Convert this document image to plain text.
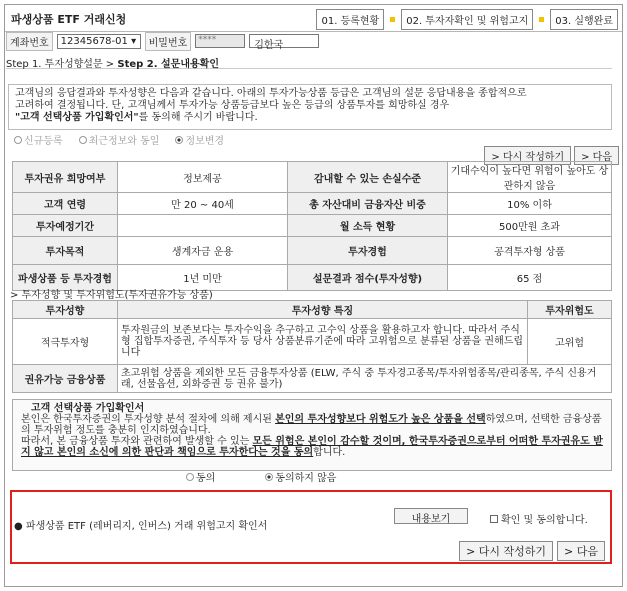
파생상품 ETF 거래신청	01. 등록현황	02. 투자자확인 및 위험고지	03. 실행완료
계좌번호	12345678-01 ▾	비밀번호	****	김한국
Step 1. 투자성향설문 > Step 2. 설문내용확인
고객님의 응답결과와 투자성향은 다음과 같습니다. 아래의 투자가능상품 등급은 고객님의 설문 응답내용을 종합적으로
고려하여 결정됩니다. 단, 고객님께서 투자가능 상품등급보다 높은 등급의 상품투자를 희망하실 경우
"고객 선택상품 가입확인서"를 동의해 주시기 바랍니다.
신규등록	최근정보와 동일	정보변경
> 다시 작성하기	> 다음
투자권유 희망여부	정보제공	감내할 수 있는 손실수준	기대수익이 높다면 위험이 높아도 상관하지 않음
고객 연령	만 20 ~ 40세	총 자산대비 금융자산 비중	10% 이하
투자예정기간		월 소득 현황	500만원 초과
투자목적	생계자금 운용	투자경험	공격투자형 상품
파생상품 등 투자경험	1년 미만	설문결과 점수(투자성향)	65 점
> 투자성향 및 투자위험도(투자권유가능 상품)
투자성향	투자성향 특징	투자위험도
적극투자형	투자원금의 보존보다는 투자수익을 추구하고 고수익 상품을 활용하고자 합니다. 따라서 주식형 집합투자증권, 주식투자 등 당사 상품분류기준에 따라 고위험으로 분류된 상품을 권해드립니다	고위험
권유가능 금융상품	초고위험 상품을 제외한 모든 금융투자상품 (ELW, 주식 중 투자경고종목/투자위험종목/관리종목, 주식 신용거래, 선물옵션, 외화증권 등 권유 불가)	
고객 선택상품 가입확인서
본인은 한국투자증권의 투자성향 분석 절차에 의해 제시된 본인의 투자성향보다 위험도가 높은 상품을 선택하였으며, 선택한 금융상품의 투자위험 정도를 충분히 인지하였습니다.
따라서, 본 금융상품 투자와 관련하여 발생할 수 있는 모든 위험은 본인이 감수할 것이며, 한국투자증권으로부터 어떠한 투자권유도 받지 않고 본인의 소신에 의한 판단과 책임으로 투자한다는 것을 동의합니다.
동의	동의하지 않음
● 파생상품 ETF (레버리지, 인버스) 거래 위험고지 확인서
내용보기	확인 및 동의합니다.
> 다시 작성하기	> 다음
